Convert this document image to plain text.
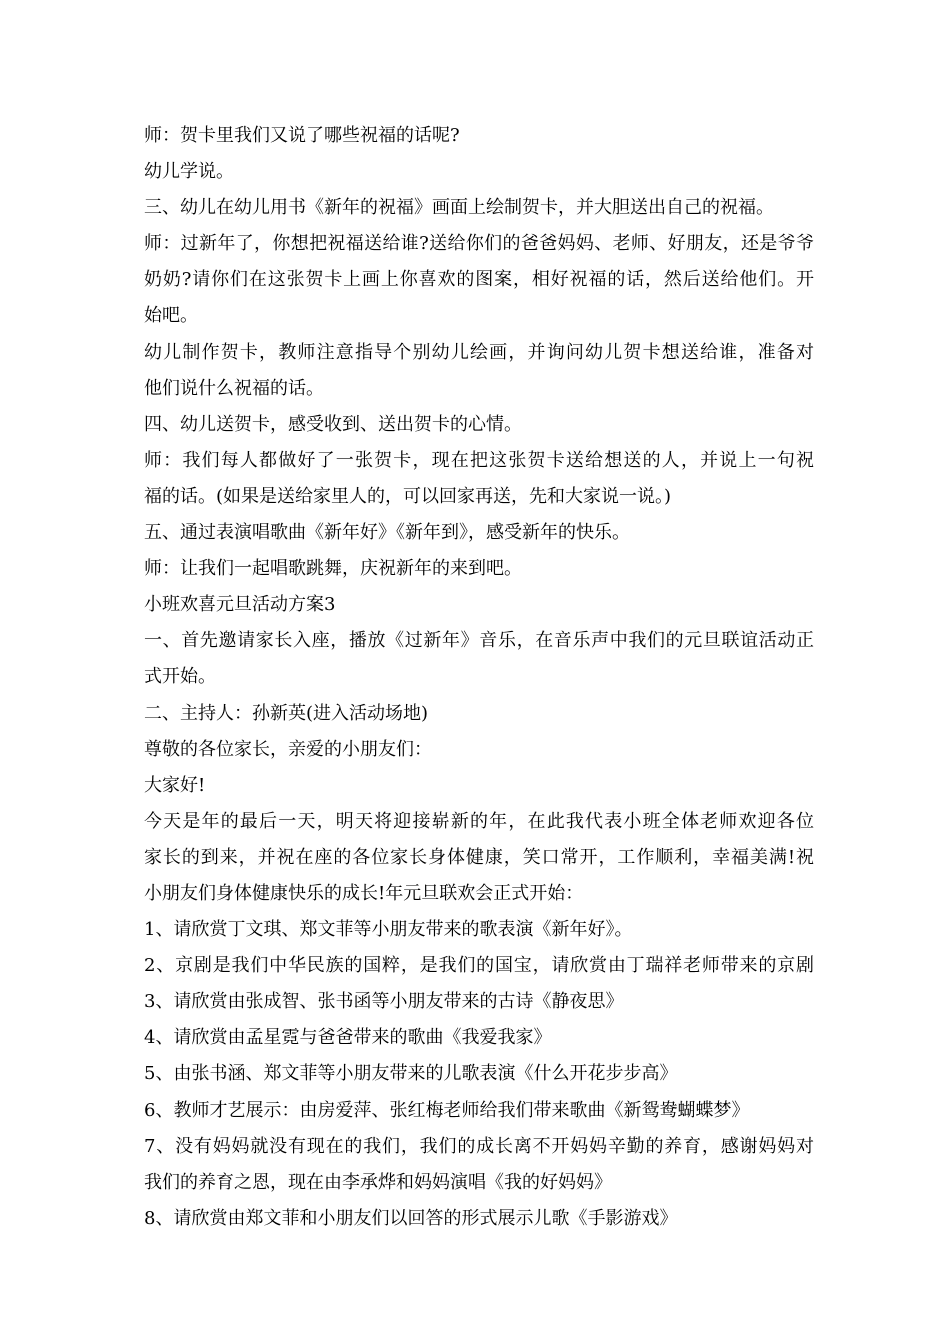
师：贺卡里我们又说了哪些祝福的话呢?
幼儿学说。
三、幼儿在幼儿用书《新年的祝福》画面上绘制贺卡，并大胆送出自己的祝福。
师：过新年了，你想把祝福送给谁?送给你们的爸爸妈妈、老师、好朋友，还是爷爷
奶奶?请你们在这张贺卡上画上你喜欢的图案，相好祝福的话，然后送给他们。开
始吧。
幼儿制作贺卡，教师注意指导个别幼儿绘画，并询问幼儿贺卡想送给谁，准备对
他们说什么祝福的话。
四、幼儿送贺卡，感受收到、送出贺卡的心情。
师：我们每人都做好了一张贺卡，现在把这张贺卡送给想送的人，并说上一句祝
福的话。(如果是送给家里人的，可以回家再送，先和大家说一说。)
五、通过表演唱歌曲《新年好》《新年到》，感受新年的快乐。
师：让我们一起唱歌跳舞，庆祝新年的来到吧。
小班欢喜元旦活动方案3
一、首先邀请家长入座，播放《过新年》音乐，在音乐声中我们的元旦联谊活动正
式开始。
二、主持人：孙新英(进入活动场地)
尊敬的各位家长，亲爱的小朋友们：
大家好!
今天是年的最后一天，明天将迎接崭新的年，在此我代表小班全体老师欢迎各位
家长的到来，并祝在座的各位家长身体健康，笑口常开，工作顺利，幸福美满!祝
小朋友们身体健康快乐的成长!年元旦联欢会正式开始：
1、请欣赏丁文琪、郑文菲等小朋友带来的歌表演《新年好》。
2、京剧是我们中华民族的国粹，是我们的国宝，请欣赏由丁瑞祥老师带来的京剧
3、请欣赏由张成智、张书函等小朋友带来的古诗《静夜思》
4、请欣赏由孟星霓与爸爸带来的歌曲《我爱我家》
5、由张书涵、郑文菲等小朋友带来的儿歌表演《什么开花步步高》
6、教师才艺展示：由房爱萍、张红梅老师给我们带来歌曲《新鸳鸯蝴蝶梦》
7、没有妈妈就没有现在的我们，我们的成长离不开妈妈辛勤的养育，感谢妈妈对
我们的养育之恩，现在由李承烨和妈妈演唱《我的好妈妈》
8、请欣赏由郑文菲和小朋友们以回答的形式展示儿歌《手影游戏》
